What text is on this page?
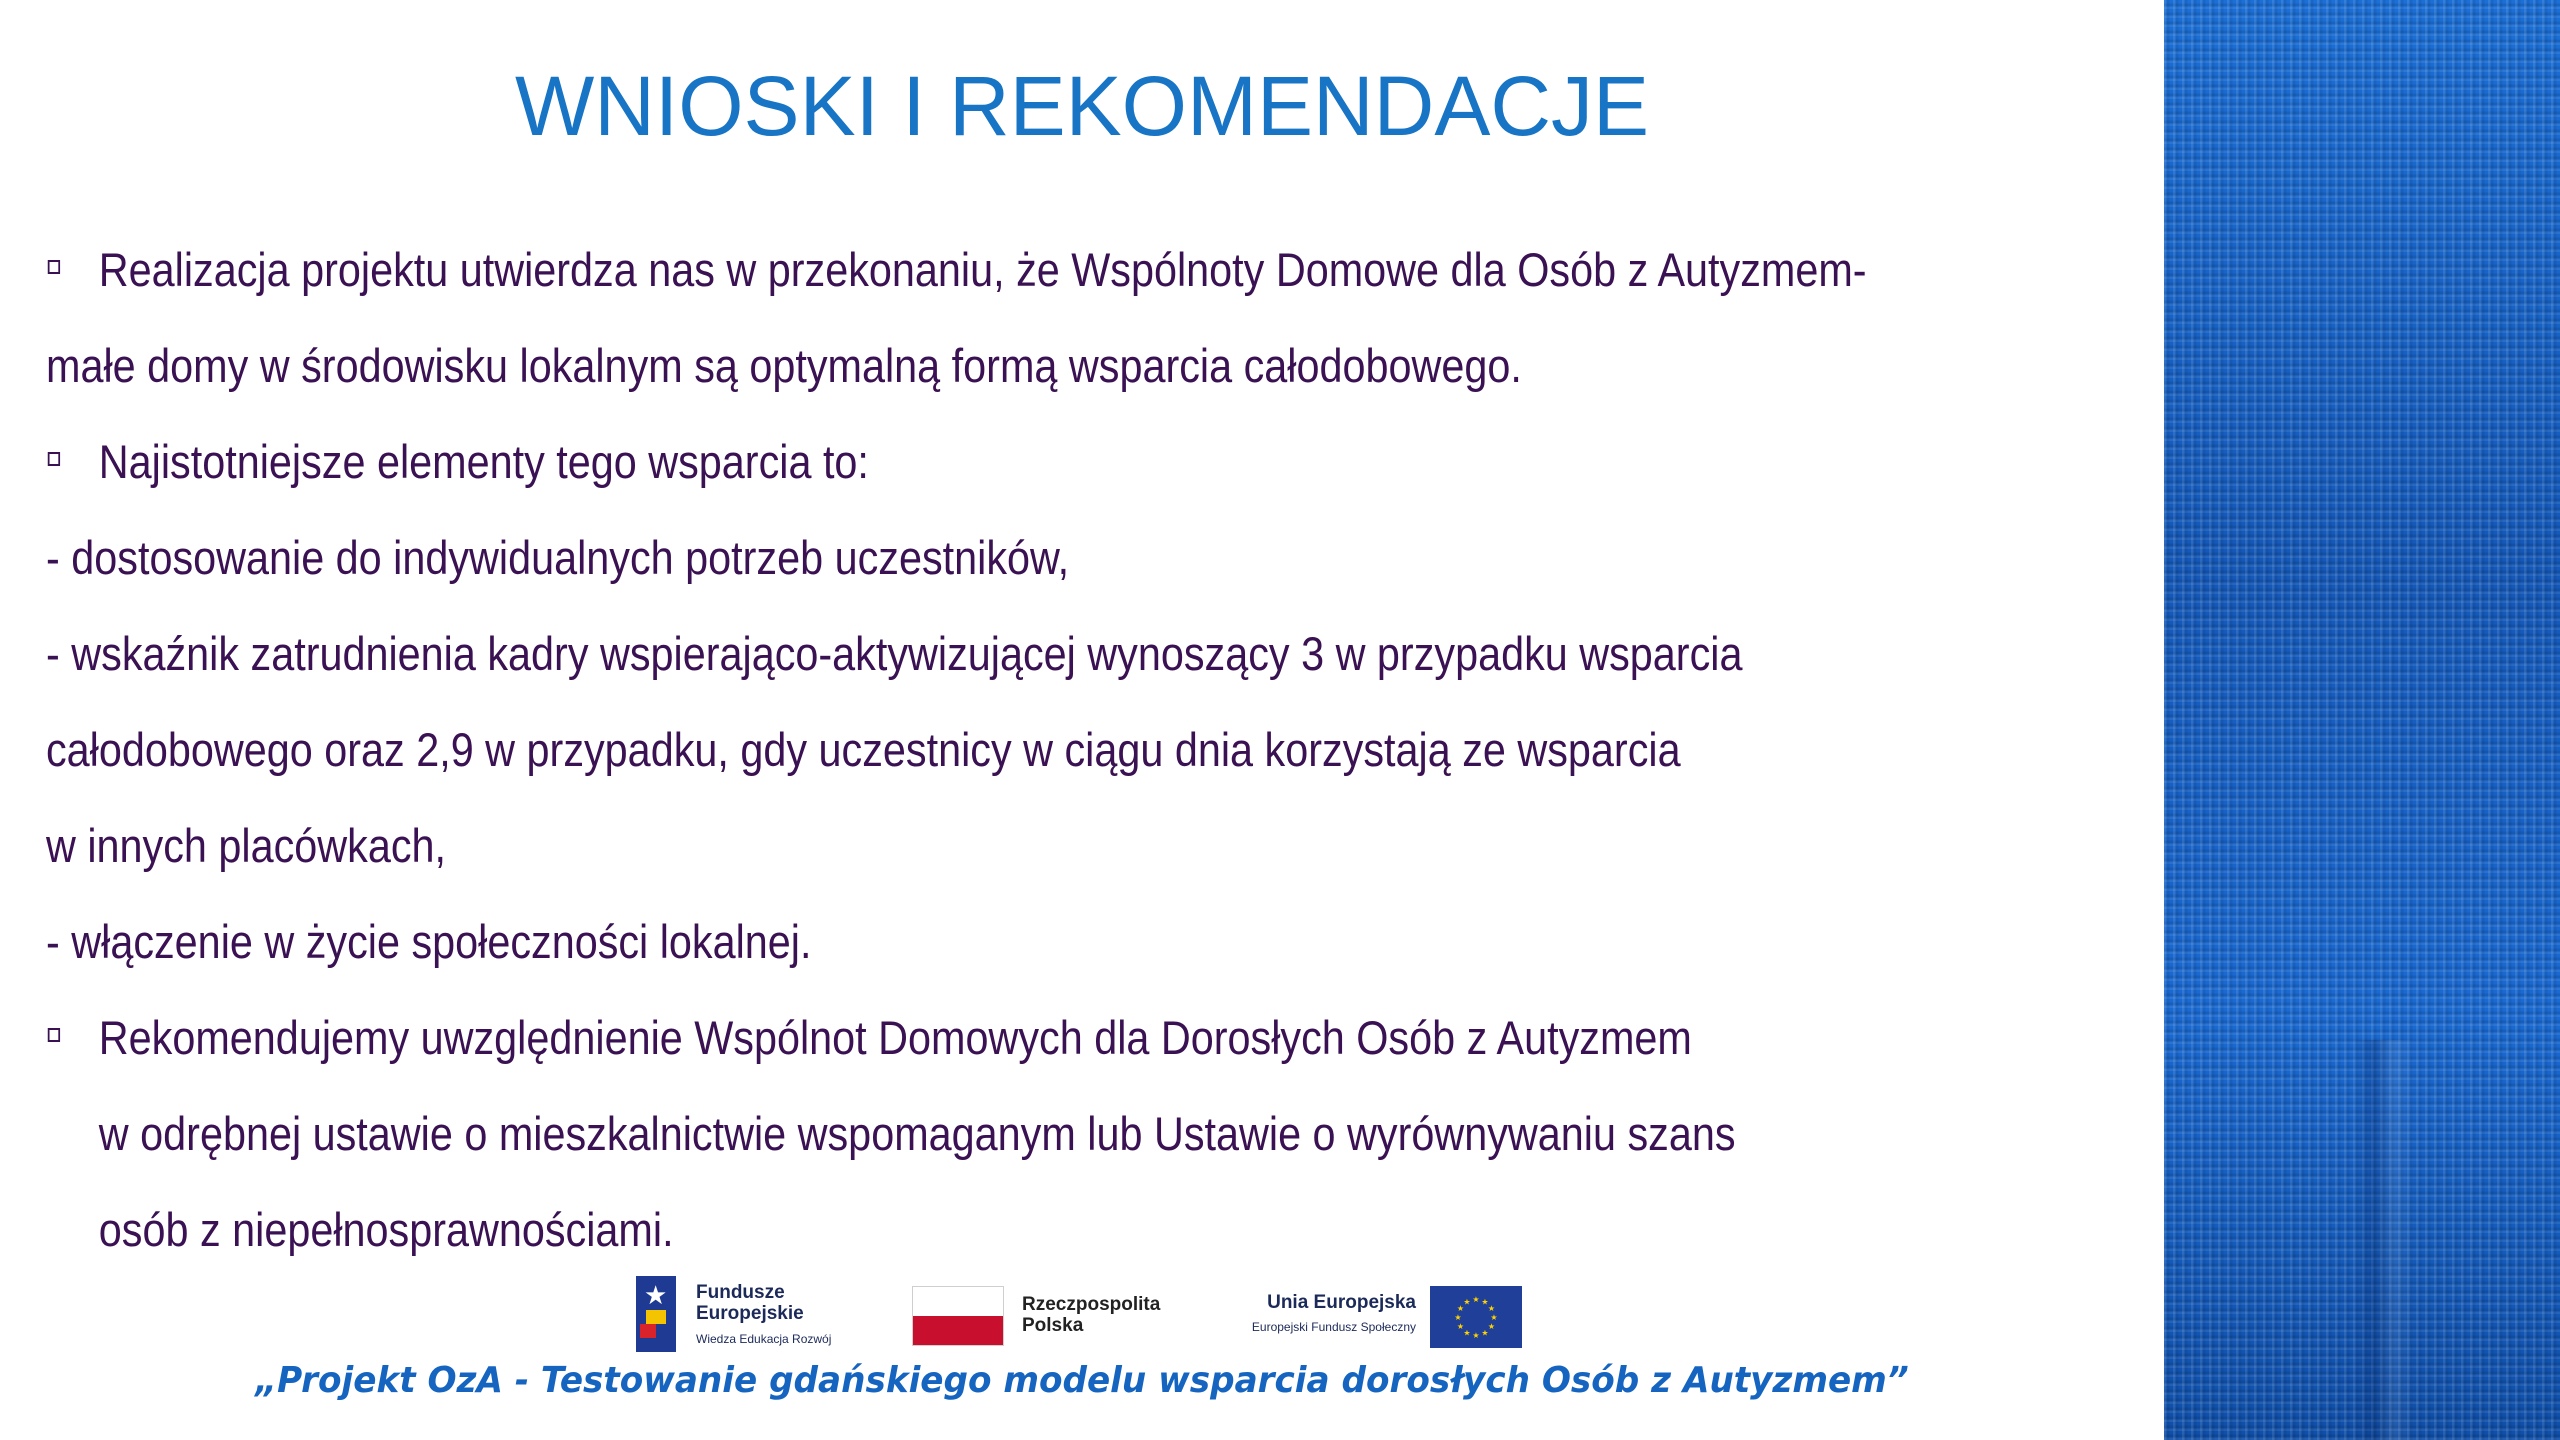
WNIOSKI I REKOMENDACJE
Realizacja projektu utwierdza nas w przekonaniu, że Wspólnoty Domowe dla Osób z Autyzmem-
małe domy w środowisku lokalnym są optymalną formą wsparcia całodobowego.
Najistotniejsze elementy tego wsparcia to:
- dostosowanie do indywidualnych potrzeb uczestników,
- wskaźnik zatrudnienia kadry wspierająco-aktywizującej wynoszący 3 w przypadku wsparcia
całodobowego oraz 2,9 w przypadku, gdy uczestnicy w ciągu dnia korzystają ze wsparcia
w innych placówkach,
- włączenie w życie społeczności lokalnej.
Rekomendujemy uwzględnienie Wspólnot Domowych dla Dorosłych Osób z Autyzmem
w odrębnej ustawie o mieszkalnictwie wspomaganym lub Ustawie o wyrównywaniu szans
osób z niepełnosprawnościami.
★ Fundusze
Europejskie
Wiedza Edukacja Rozwój
Rzeczpospolita
Polska
Unia Europejska
Europejski Fundusz Społeczny
★ ★
★
★
★
★
★
★
★
★
★
★
„Projekt OzA - Testowanie gdańskiego modelu wsparcia dorosłych Osób z Autyzmem”
